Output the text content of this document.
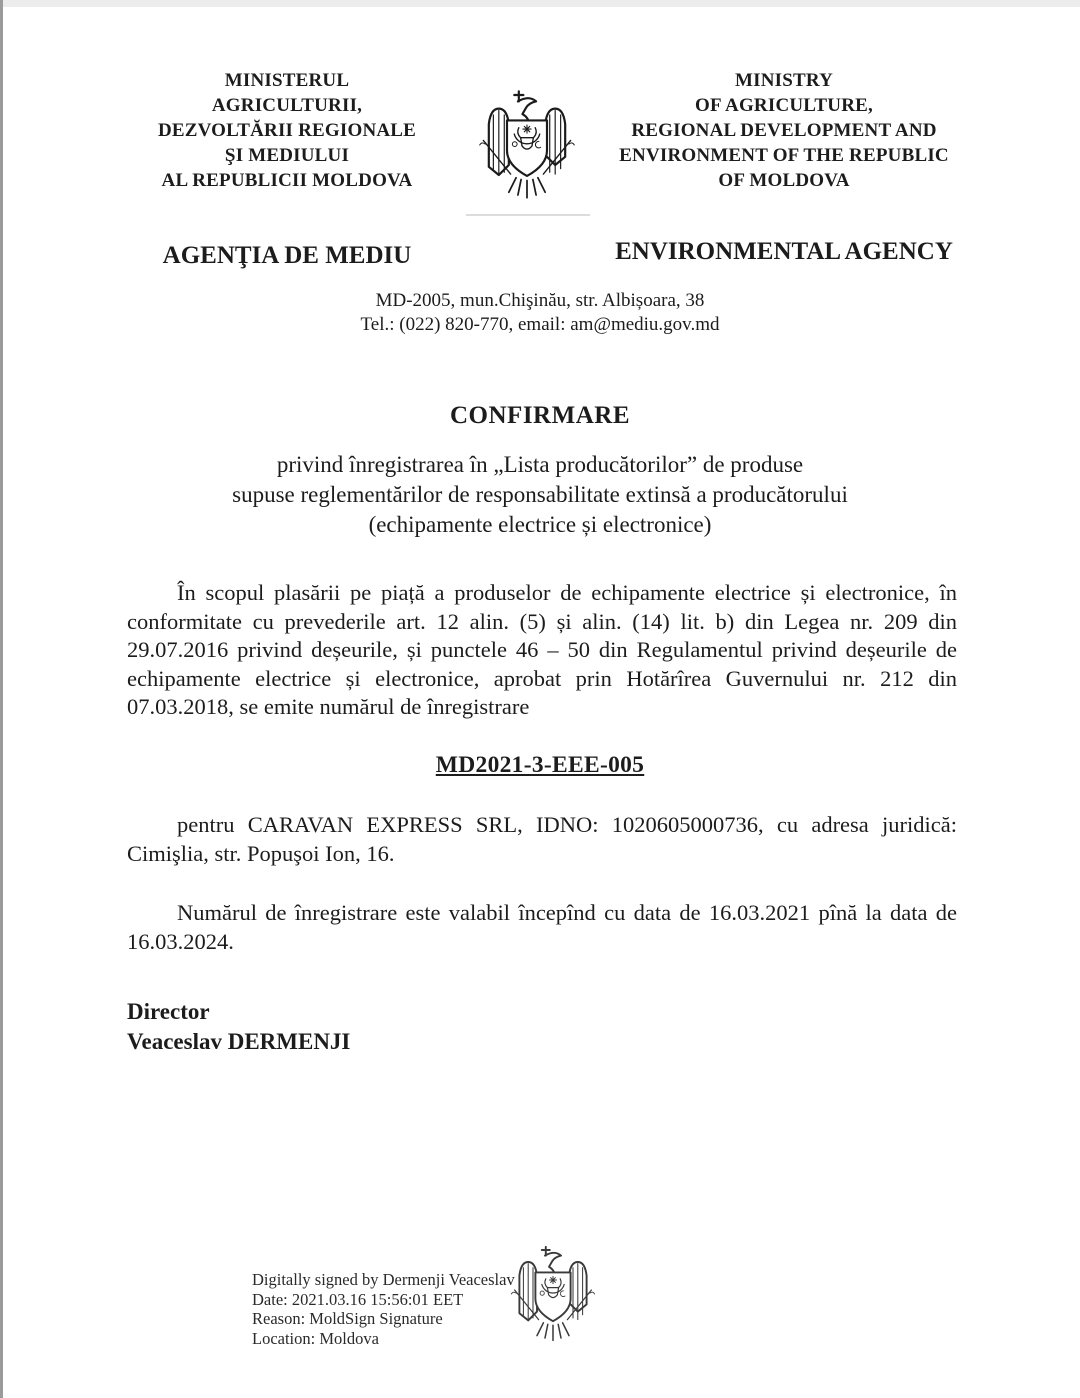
MINISTERUL
AGRICULTURII,
DEZVOLTĂRII REGIONALE
ŞI MEDIULUI
AL REPUBLICII MOLDOVA
MINISTRY
OF AGRICULTURE,
REGIONAL DEVELOPMENT AND
ENVIRONMENT OF THE REPUBLIC
OF MOLDOVA
AGENŢIA DE MEDIU	ENVIRONMENTAL AGENCY
MD-2005, mun.Chişinău, str. Albișoara, 38
Tel.: (022) 820-770, email: am@mediu.gov.md
CONFIRMARE
privind înregistrarea în „Lista producătorilor” de produse
supuse reglementărilor de responsabilitate extinsă a producătorului
(echipamente electrice și electronice)
În scopul plasării pe piață a produselor de echipamente electrice și electronice, în conformitate cu prevederile art. 12 alin. (5) și alin. (14) lit. b) din Legea nr. 209 din 29.07.2016 privind deșeurile, și punctele 46 – 50 din Regulamentul privind deșeurile de echipamente electrice și electronice, aprobat prin Hotărîrea Guvernului nr. 212 din 07.03.2018, se emite numărul de înregistrare
MD2021-3-EEE-005
pentru CARAVAN EXPRESS SRL, IDNO: 1020605000736, cu adresa juridică: Cimişlia, str. Popuşoi Ion, 16.
Numărul de înregistrare este valabil începînd cu data de 16.03.2021 pînă la data de 16.03.2024.
Director
Veaceslav DERMENJI
Digitally signed by Dermenji Veaceslav
Date: 2021.03.16 15:56:01 EET
Reason: MoldSign Signature
Location: Moldova
